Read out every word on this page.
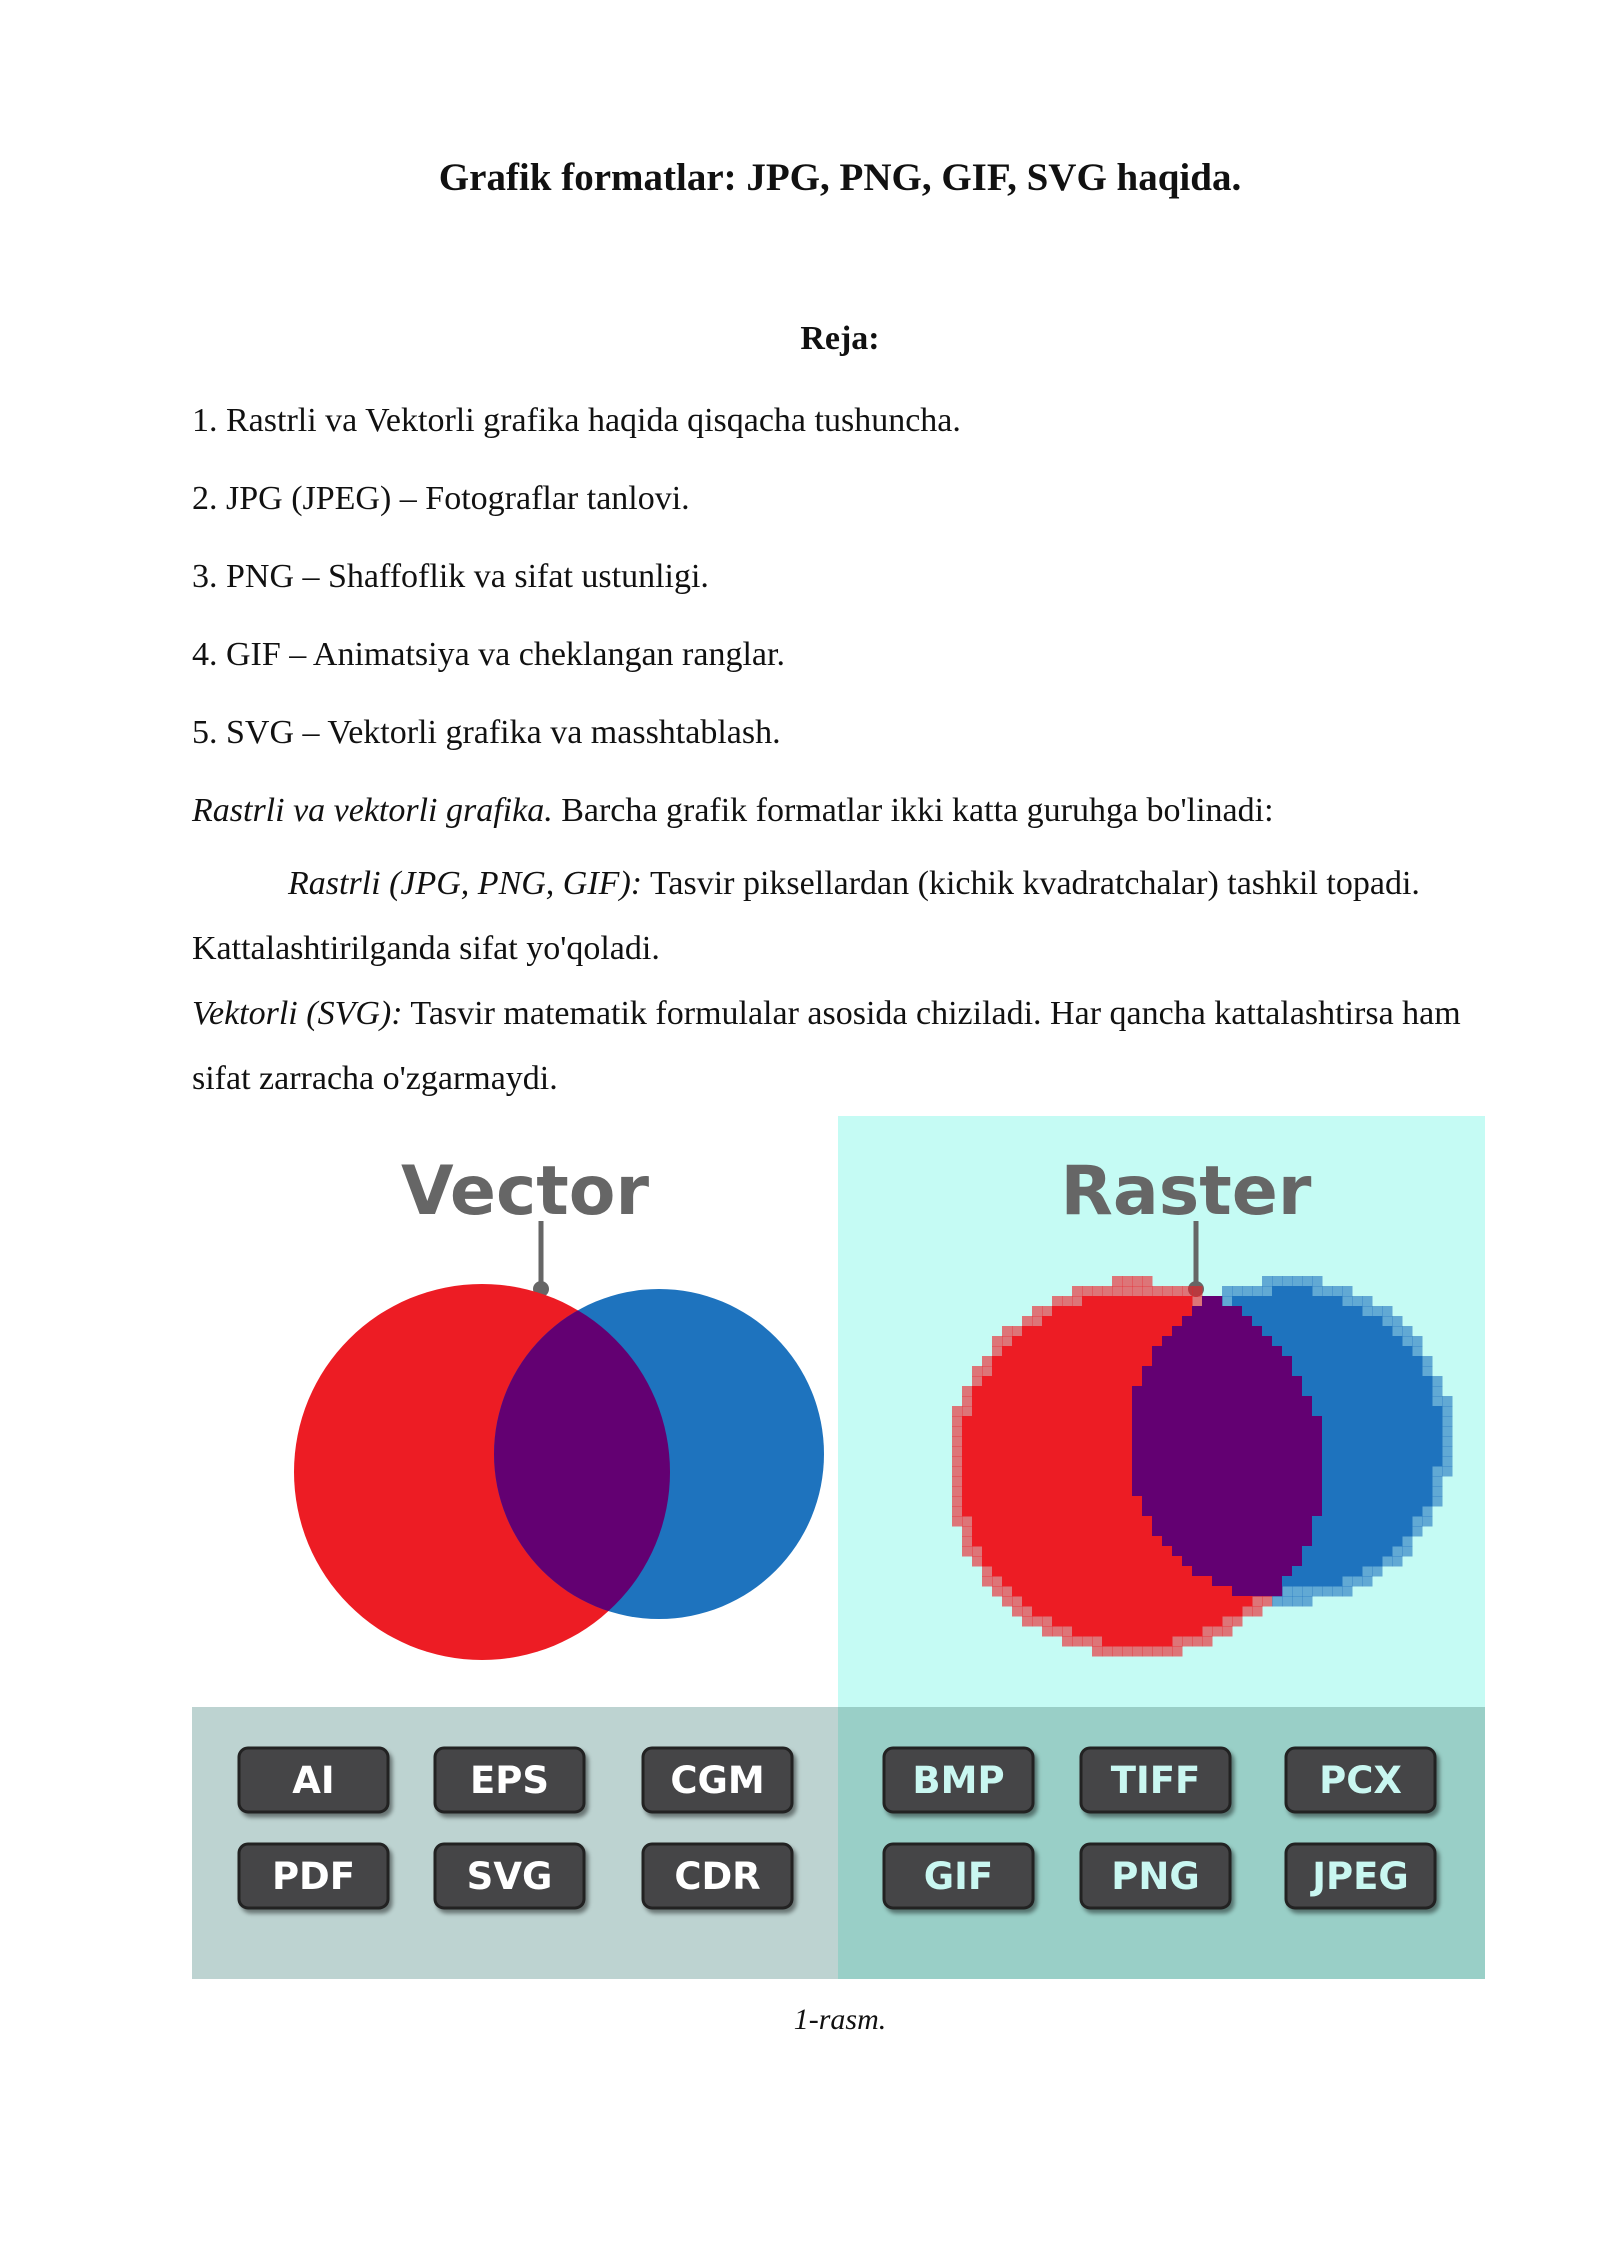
Grafik formatlar: JPG, PNG, GIF, SVG haqida.
Reja:
1. Rastrli va Vektorli grafika haqida qisqacha tushuncha.
2. JPG (JPEG) – Fotograflar tanlovi.
3. PNG – Shaffoflik va sifat ustunligi.
4. GIF – Animatsiya va cheklangan ranglar.
5. SVG – Vektorli grafika va masshtablash.
Rastrli va vektorli grafika. Barcha grafik formatlar ikki katta guruhga bo'linadi:
Rastrli (JPG, PNG, GIF): Tasvir piksellardan (kichik kvadratchalar) tashkil topadi. Kattalashtirilganda sifat yo'qoladi.
Vektorli (SVG): Tasvir matematik formulalar asosida chiziladi. Har qancha kattalashtirsa ham sifat zarracha o'zgarmaydi.
Vector	Raster
AI	EPS	CGM
PDF	SVG	CDR
BMP	TIFF	PCX
GIF	PNG	JPEG
1-rasm.
